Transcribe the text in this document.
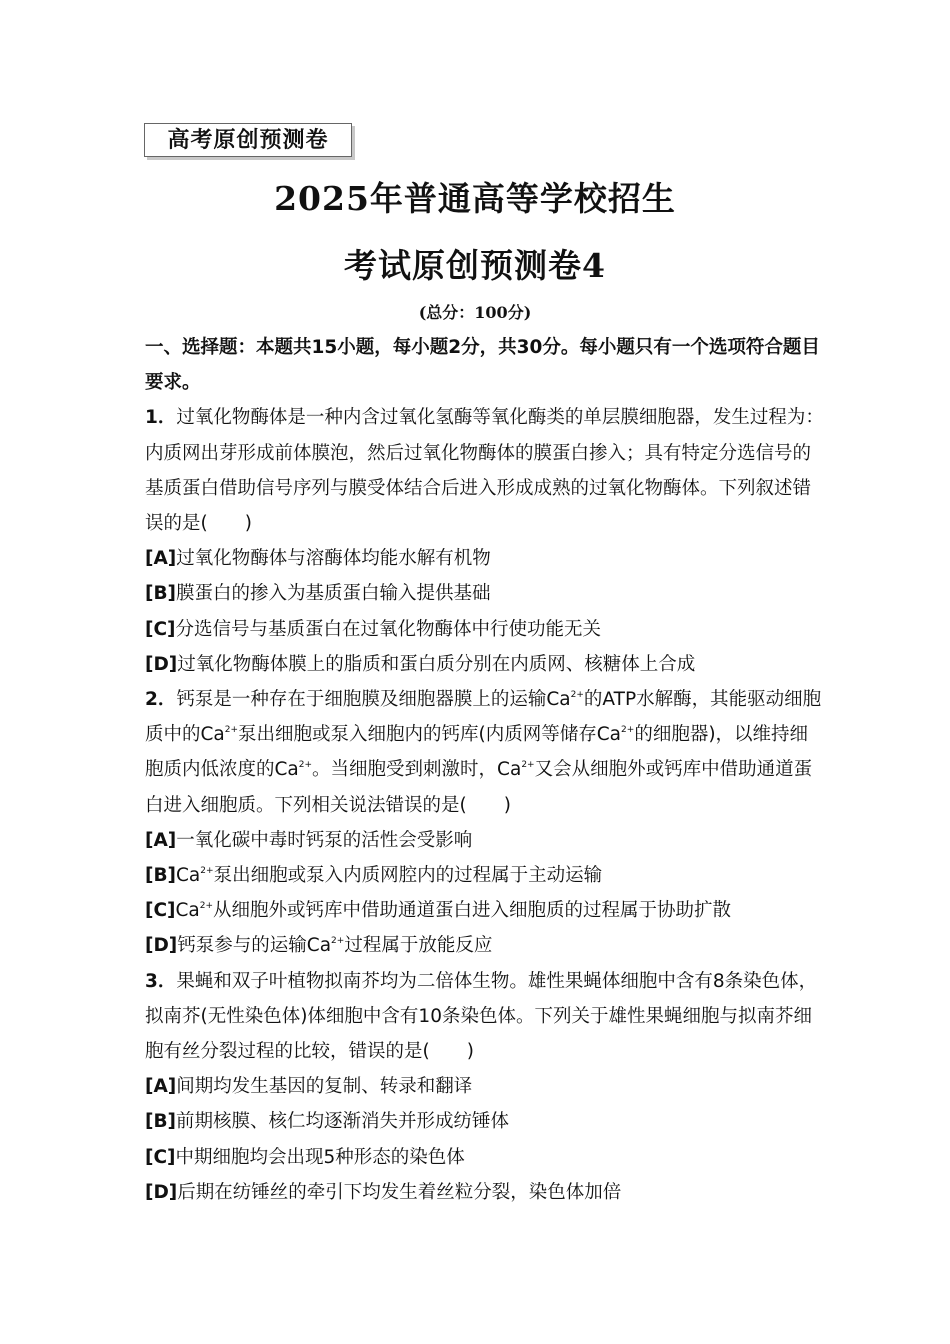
高考原创预测卷
2025年普通高等学校招生
考试原创预测卷4
(总分：100分)

一、选择题：本题共15小题，每小题2分，共30分。每小题只有一个选项符合题目要求。

1．过氧化物酶体是一种内含过氧化氢酶等氧化酶类的单层膜细胞器，发生过程为：内质网出芽形成前体膜泡，然后过氧化物酶体的膜蛋白掺入；具有特定分选信号的基质蛋白借助信号序列与膜受体结合后进入形成成熟的过氧化物酶体。下列叙述错误的是(　　)

[A]过氧化物酶体与溶酶体均能水解有机物

[B]膜蛋白的掺入为基质蛋白输入提供基础

[C]分选信号与基质蛋白在过氧化物酶体中行使功能无关

[D]过氧化物酶体膜上的脂质和蛋白质分别在内质网、核糖体上合成

2．钙泵是一种存在于细胞膜及细胞器膜上的运输$Ca^{2+}$的ATP水解酶，其能驱动细胞质中的$Ca^{2+}$泵出细胞或泵入细胞内的钙库(内质网等储存$Ca^{2+}$的细胞器)，以维持细胞质内低浓度的$Ca^{2+}$。当细胞受到刺激时，$Ca^{2+}$又会从细胞外或钙库中借助通道蛋白进入细胞质。下列相关说法错误的是(　　)

[A]一氧化碳中毒时钙泵的活性会受影响

$[B]Ca^{2+}$泵出细胞或泵入内质网腔内的过程属于主动运输

$[C]Ca^{2+}$从细胞外或钙库中借助通道蛋白进入细胞质的过程属于协助扩散

[D]钙泵参与的运输$Ca^{2+}$过程属于放能反应

3．果蝇和双子叶植物拟南芥均为二倍体生物。雄性果蝇体细胞中含有8条染色体，拟南芥(无性染色体)体细胞中含有10条染色体。下列关于雄性果蝇细胞与拟南芥细胞有丝分裂过程的比较，错误的是(　　)

[A]间期均发生基因的复制、转录和翻译

[B]前期核膜、核仁均逐渐消失并形成纺锤体

[C]中期细胞均会出现5种形态的染色体

[D]后期在纺锤丝的牵引下均发生着丝粒分裂，染色体加倍
